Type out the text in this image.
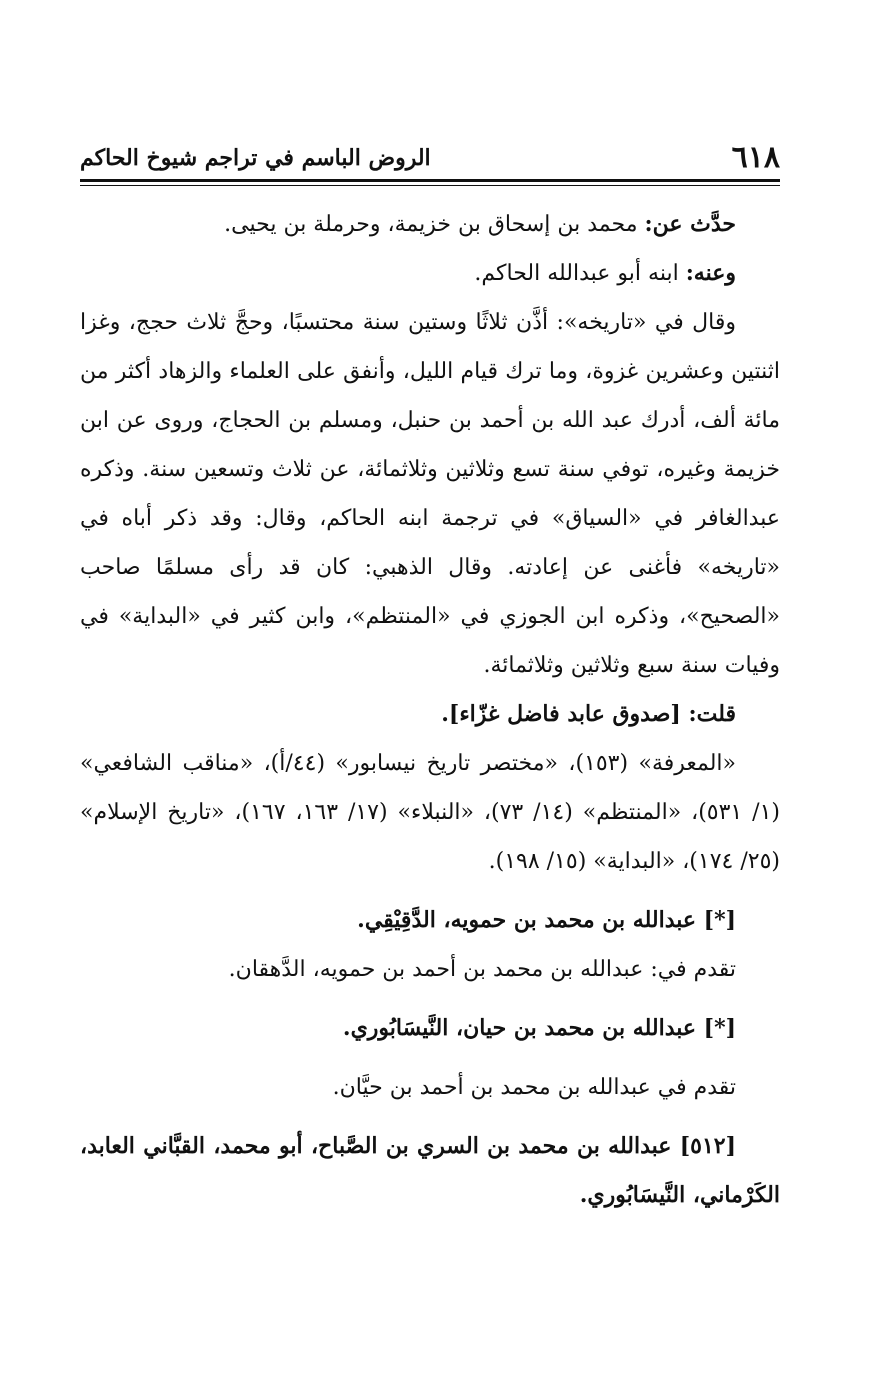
٦١٨
الروض الباسم في تراجم شيوخ الحاكم

حدَّث عن: محمد بن إسحاق بن خزيمة، وحرملة بن يحيى.

وعنه: ابنه أبو عبدالله الحاكم.

وقال في «تاريخه»: أذَّن ثلاثًا وستين سنة محتسبًا، وحجَّ ثلاث حجج، وغزا اثنتين وعشرين غزوة، وما ترك قيام الليل، وأنفق على العلماء والزهاد أكثر من مائة ألف، أدرك عبد الله بن أحمد بن حنبل، ومسلم بن الحجاج، وروى عن ابن خزيمة وغيره، توفي سنة تسع وثلاثين وثلاثمائة، عن ثلاث وتسعين سنة. وذكره عبدالغافر في «السياق» في ترجمة ابنه الحاكم، وقال: وقد ذكر أباه في «تاريخه» فأغنى عن إعادته. وقال الذهبي: كان قد رأى مسلمًا صاحب «الصحيح»، وذكره ابن الجوزي في «المنتظم»، وابن كثير في «البداية» في وفيات سنة سبع وثلاثين وثلاثمائة.

قلت: [صدوق عابد فاضل غزّاء].

«المعرفة» (١٥٣)، «مختصر تاريخ نيسابور» (٤٤/أ)، «مناقب الشافعي» (١/ ٥٣١)، «المنتظم» (١٤/ ٧٣)، «النبلاء» (١٧/ ١٦٣، ١٦٧)، «تاريخ الإسلام» (٢٥/ ١٧٤)، «البداية» (١٥/ ١٩٨).

[*] عبدالله بن محمد بن حمويه، الدَّقِيْقِي.

تقدم في: عبدالله بن محمد بن أحمد بن حمويه، الدَّهقان.

[*] عبدالله بن محمد بن حيان، النَّيسَابُوري.

تقدم في عبدالله بن محمد بن أحمد بن حيَّان.

[٥١٢] عبدالله بن محمد بن السري بن الصَّباح، أبو محمد، القبَّاني العابد، الكَرْماني، النَّيسَابُوري.
